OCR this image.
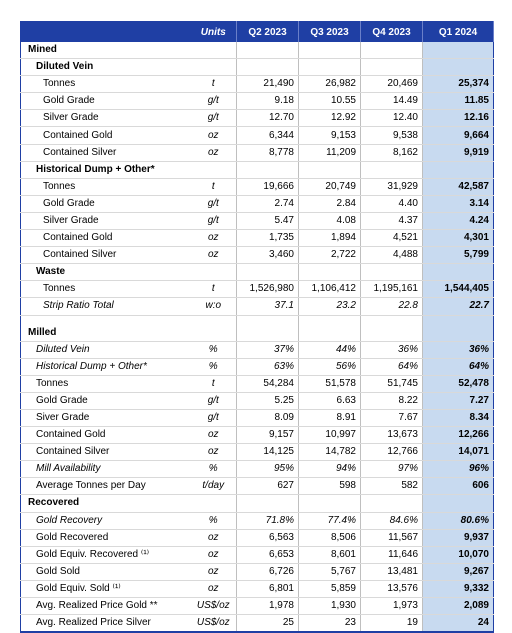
	Units	Q2 2023	Q3 2023	Q4 2023	Q1 2024
Mined					
Diluted Vein					
Tonnes	t	21,490	26,982	20,469	25,374
Gold Grade	g/t	9.18	10.55	14.49	11.85
Silver Grade	g/t	12.70	12.92	12.40	12.16
Contained Gold	oz	6,344	9,153	9,538	9,664
Contained Silver	oz	8,778	11,209	8,162	9,919
Historical Dump + Other*					
Tonnes	t	19,666	20,749	31,929	42,587
Gold Grade	g/t	2.74	2.84	4.40	3.14
Silver Grade	g/t	5.47	4.08	4.37	4.24
Contained Gold	oz	1,735	1,894	4,521	4,301
Contained Silver	oz	3,460	2,722	4,488	5,799
Waste					
Tonnes	t	1,526,980	1,106,412	1,195,161	1,544,405
Strip Ratio Total	w:o	37.1	23.2	22.8	22.7

Milled					
Diluted Vein	%	37%	44%	36%	36%
Historical Dump + Other*	%	63%	56%	64%	64%
Tonnes	t	54,284	51,578	51,745	52,478
Gold Grade	g/t	5.25	6.63	8.22	7.27
Siver Grade	g/t	8.09	8.91	7.67	8.34
Contained Gold	oz	9,157	10,997	13,673	12,266
Contained Silver	oz	14,125	14,782	12,766	14,071
Mill Availability	%	95%	94%	97%	96%
Average Tonnes per Day	t/day	627	598	582	606
Recovered					
Gold Recovery	%	71.8%	77.4%	84.6%	80.6%
Gold Recovered	oz	6,563	8,506	11,567	9,937
Gold Equiv. Recovered ⁽¹⁾	oz	6,653	8,601	11,646	10,070
Gold Sold	oz	6,726	5,767	13,481	9,267
Gold Equiv. Sold ⁽¹⁾	oz	6,801	5,859	13,576	9,332
Avg. Realized Price Gold **	US$/oz	1,978	1,930	1,973	2,089
Avg. Realized Price Silver	US$/oz	25	23	19	24
